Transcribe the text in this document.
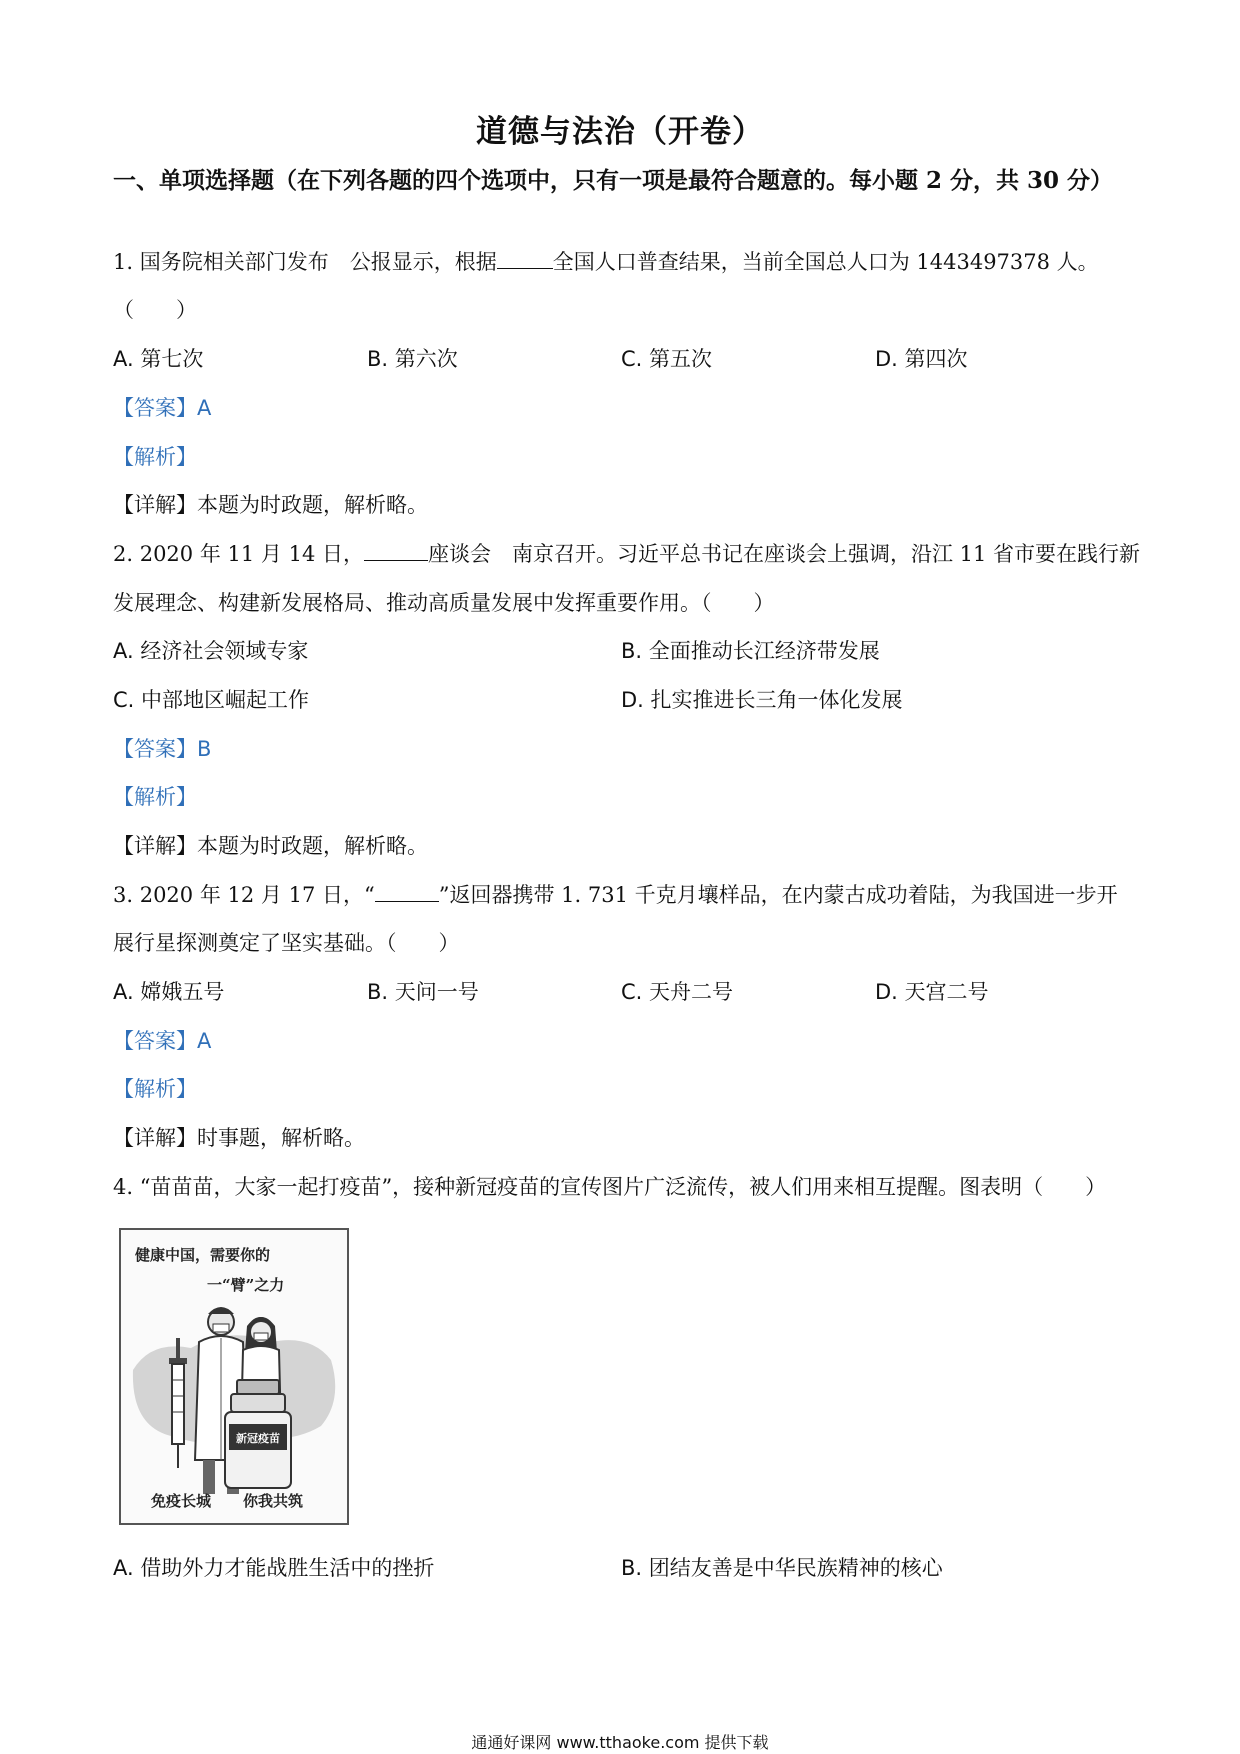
道德与法治（开卷）
一、单项选择题（在下列各题的四个选项中，只有一项是最符合题意的。每小题 2 分，共 30 分）
1. 国务院相关部门发布　公报显示，根据	全国人口普查结果，当前全国总人口为 1443497378 人。
（　　）
A. 第七次	B. 第六次	C. 第五次	D. 第四次
【答案】A
【解析】
【详解】本题为时政题，解析略。
2. 2020 年 11 月 14 日，	座谈会　南京召开。习近平总书记在座谈会上强调，沿江 11 省市要在践行新
发展理念、构建新发展格局、推动高质量发展中发挥重要作用。（　　）
A. 经济社会领域专家	B. 全面推动长江经济带发展
C. 中部地区崛起工作	D. 扎实推进长三角一体化发展
【答案】B
【解析】
【详解】本题为时政题，解析略。
3. 2020 年 12 月 17 日，“	”返回器携带 1. 731 千克月壤样品，在内蒙古成功着陆，为我国进一步开
展行星探测奠定了坚实基础。（　　）
A. 嫦娥五号	B. 天问一号	C. 天舟二号	D. 天宫二号
【答案】A
【解析】
【详解】时事题，解析略。
4. “苗苗苗，大家一起打疫苗”，接种新冠疫苗的宣传图片广泛流传，被人们用来相互提醒。图表明（　　）
新冠疫苗
健康中国，需要你的
一“臂”之力
免疫长城 你我共筑
A. 借助外力才能战胜生活中的挫折	B. 团结友善是中华民族精神的核心
通通好课网 www.tthaoke.com 提供下载
